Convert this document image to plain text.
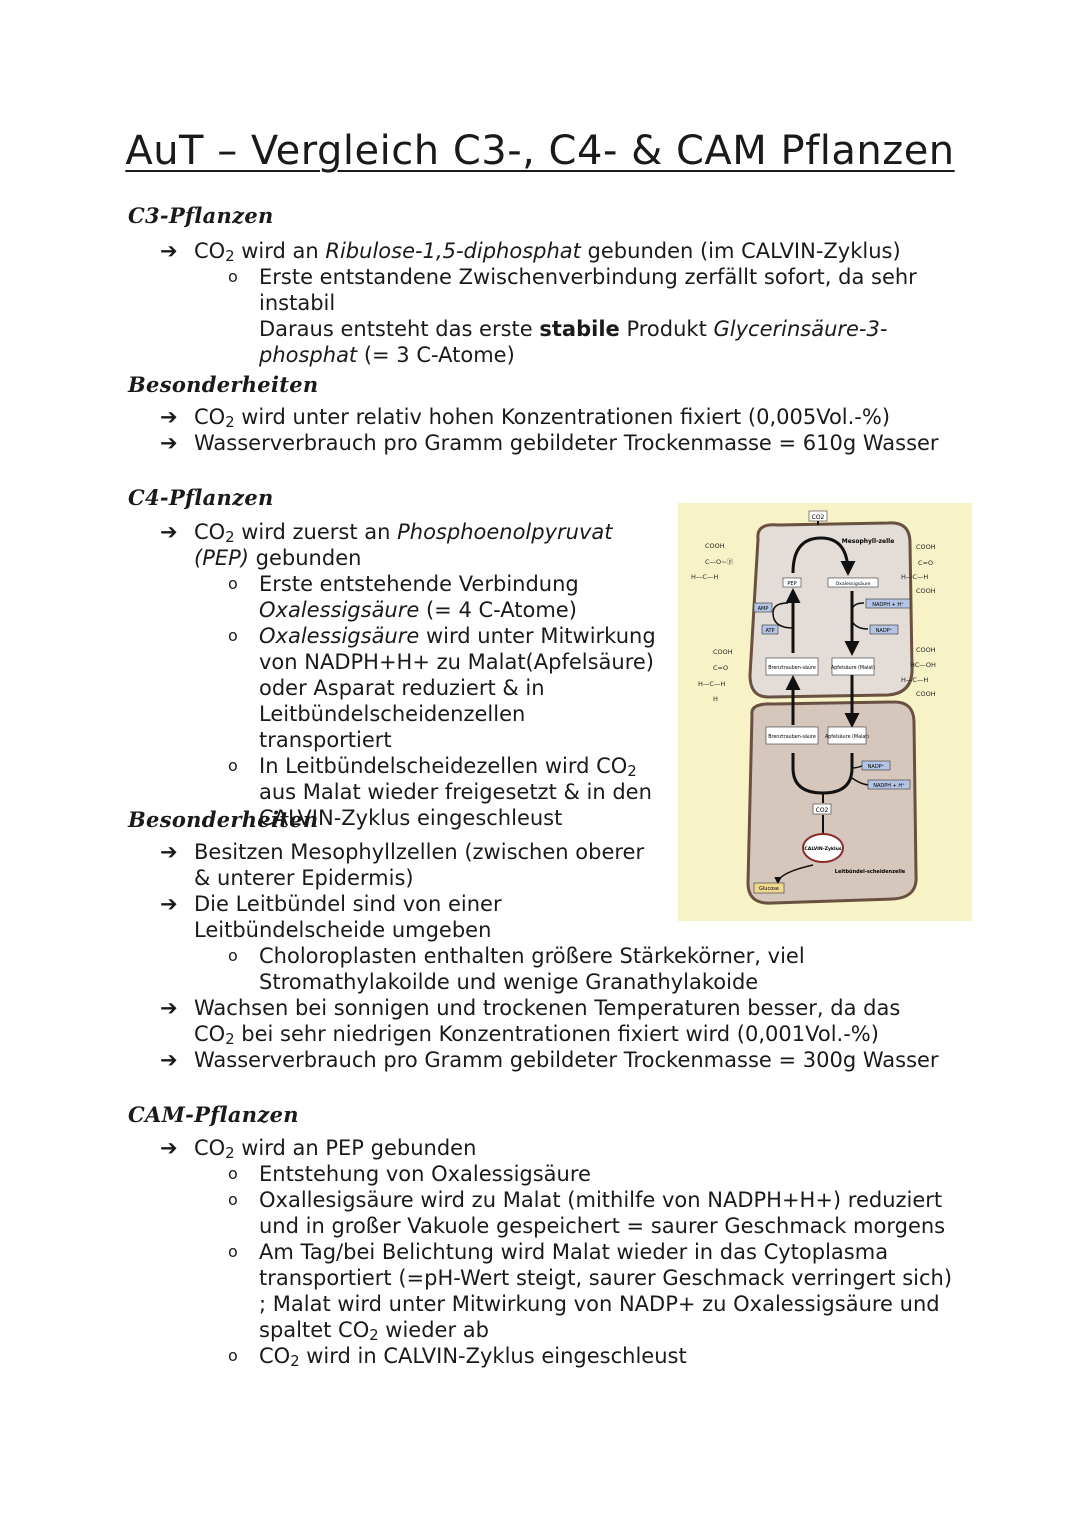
AuT – Vergleich C3-, C4- & CAM Pflanzen
C3-Pflanzen
➔ $CO_2$ wird an Ribulose-1,5-diphosphat gebunden (im CALVIN-Zyklus)
o Erste entstandene Zwischenverbindung zerfällt sofort, da sehr instabil
Daraus entsteht das erste stabile Produkt Glycerinsäure-3-phosphat (= 3 C-Atome)
Besonderheiten
➔ $CO_2$ wird unter relativ hohen Konzentrationen fixiert (0,005Vol.-%)
➔ Wasserverbrauch pro Gramm gebildeter Trockenmasse = 610g Wasser
C4-Pflanzen
➔ $CO_2$ wird zuerst an Phosphoenolpyruvat (PEP) gebunden
o Erste entstehende Verbindung Oxalessigsäure (= 4 C-Atome)
o Oxalessigsäure wird unter Mitwirkung von NADPH+H+ zu Malat(Apfelsäure) oder Asparat reduziert & in Leitbündelscheidenzellen transportiert
o In Leitbündelscheidezellen wird $CO_2$ aus Malat wieder freigesetzt & in den CALVIN-Zyklus eingeschleust
Besonderheiten
➔ Besitzen Mesophyllzellen (zwischen oberer & unterer Epidermis)
➔ Die Leitbündel sind von einer Leitbündelscheide umgeben
o Choloroplasten enthalten größere Stärkekörner, viel Stromathylakoilde und wenige Granathylakoide
➔ Wachsen bei sonnigen und trockenen Temperaturen besser, da das $CO_2$ bei sehr niedrigen Konzentrationen fixiert wird (0,001Vol.-%)
➔ Wasserverbrauch pro Gramm gebildeter Trockenmasse = 300g Wasser
CAM-Pflanzen
➔ $CO_2$ wird an PEP gebunden
o Entstehung von Oxalessigsäure
o Oxallesigsäure wird zu Malat (mithilfe von NADPH+H+) reduziert und in großer Vakuole gespeichert = saurer Geschmack morgens
o Am Tag/bei Belichtung wird Malat wieder in das Cytoplasma transportiert (=pH-Wert steigt, saurer Geschmack verringert sich) ; Malat wird unter Mitwirkung von NADP+ zu Oxalessigsäure und spaltet $CO_2$ wieder ab
o $CO_2$ wird in CALVIN-Zyklus eingeschleust
CO2
Mesophyll-zelle
PEP	Oxalessigsäure
AMP
ATP
NADPH + H⁺
NADP⁺
Brenztrauben-säure	Apfelsäure (Malat)
Brenztrauben-säure Apfelsäure (Malat)
NADP⁺
NADPH + H⁺
CO2
CALVIN-Zyklus
Leitbündel-scheidenzelle
Glucose
COOH
C—O~ⓟ
H—C—H
COOH
C=O
H—C—H
COOH
COOH
C=O
H—C—H
H
COOH
HC—OH
H—C—H
COOH
